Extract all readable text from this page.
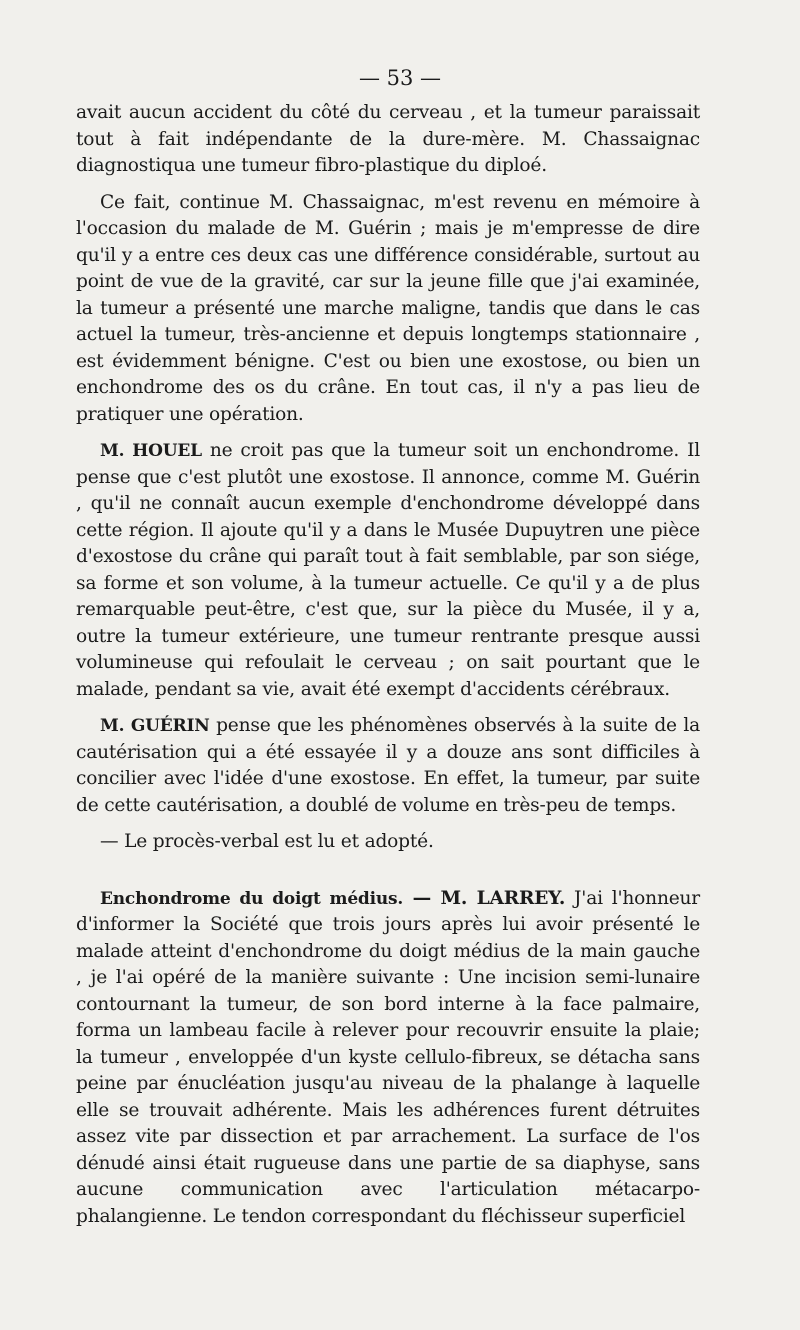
— 53 —

avait aucun accident du côté du cerveau , et la tumeur paraissait tout à fait indépendante de la dure-mère. M. Chassaignac diagnostiqua une tumeur fibro-plastique du diploé.

Ce fait, continue M. Chassaignac, m'est revenu en mémoire à l'occasion du malade de M. Guérin ; mais je m'empresse de dire qu'il y a entre ces deux cas une différence considérable, surtout au point de vue de la gravité, car sur la jeune fille que j'ai examinée, la tumeur a présenté une marche maligne, tandis que dans le cas actuel la tumeur, très-ancienne et depuis longtemps stationnaire , est évidemment bénigne. C'est ou bien une exostose, ou bien un enchondrome des os du crâne. En tout cas, il n'y a pas lieu de pratiquer une opération.

M. HOUEL ne croit pas que la tumeur soit un enchondrome. Il pense que c'est plutôt une exostose. Il annonce, comme M. Guérin , qu'il ne connaît aucun exemple d'enchondrome développé dans cette région. Il ajoute qu'il y a dans le Musée Dupuytren une pièce d'exostose du crâne qui paraît tout à fait semblable, par son siége, sa forme et son volume, à la tumeur actuelle. Ce qu'il y a de plus remarquable peut-être, c'est que, sur la pièce du Musée, il y a, outre la tumeur extérieure, une tumeur rentrante presque aussi volumineuse qui refoulait le cerveau ; on sait pourtant que le malade, pendant sa vie, avait été exempt d'accidents cérébraux.

M. GUÉRIN pense que les phénomènes observés à la suite de la cautérisation qui a été essayée il y a douze ans sont difficiles à concilier avec l'idée d'une exostose. En effet, la tumeur, par suite de cette cautérisation, a doublé de volume en très-peu de temps.

— Le procès-verbal est lu et adopté.

Enchondrome du doigt médius. — M. LARREY. J'ai l'honneur d'informer la Société que trois jours après lui avoir présenté le malade atteint d'enchondrome du doigt médius de la main gauche , je l'ai opéré de la manière suivante : Une incision semi-lunaire contournant la tumeur, de son bord interne à la face palmaire, forma un lambeau facile à relever pour recouvrir ensuite la plaie; la tumeur , enveloppée d'un kyste cellulo-fibreux, se détacha sans peine par énucléation jusqu'au niveau de la phalange à laquelle elle se trouvait adhérente. Mais les adhérences furent détruites assez vite par dissection et par arrachement. La surface de l'os dénudé ainsi était rugueuse dans une partie de sa diaphyse, sans aucune communication avec l'articulation métacarpo-phalangienne. Le tendon correspondant du fléchisseur superficiel
